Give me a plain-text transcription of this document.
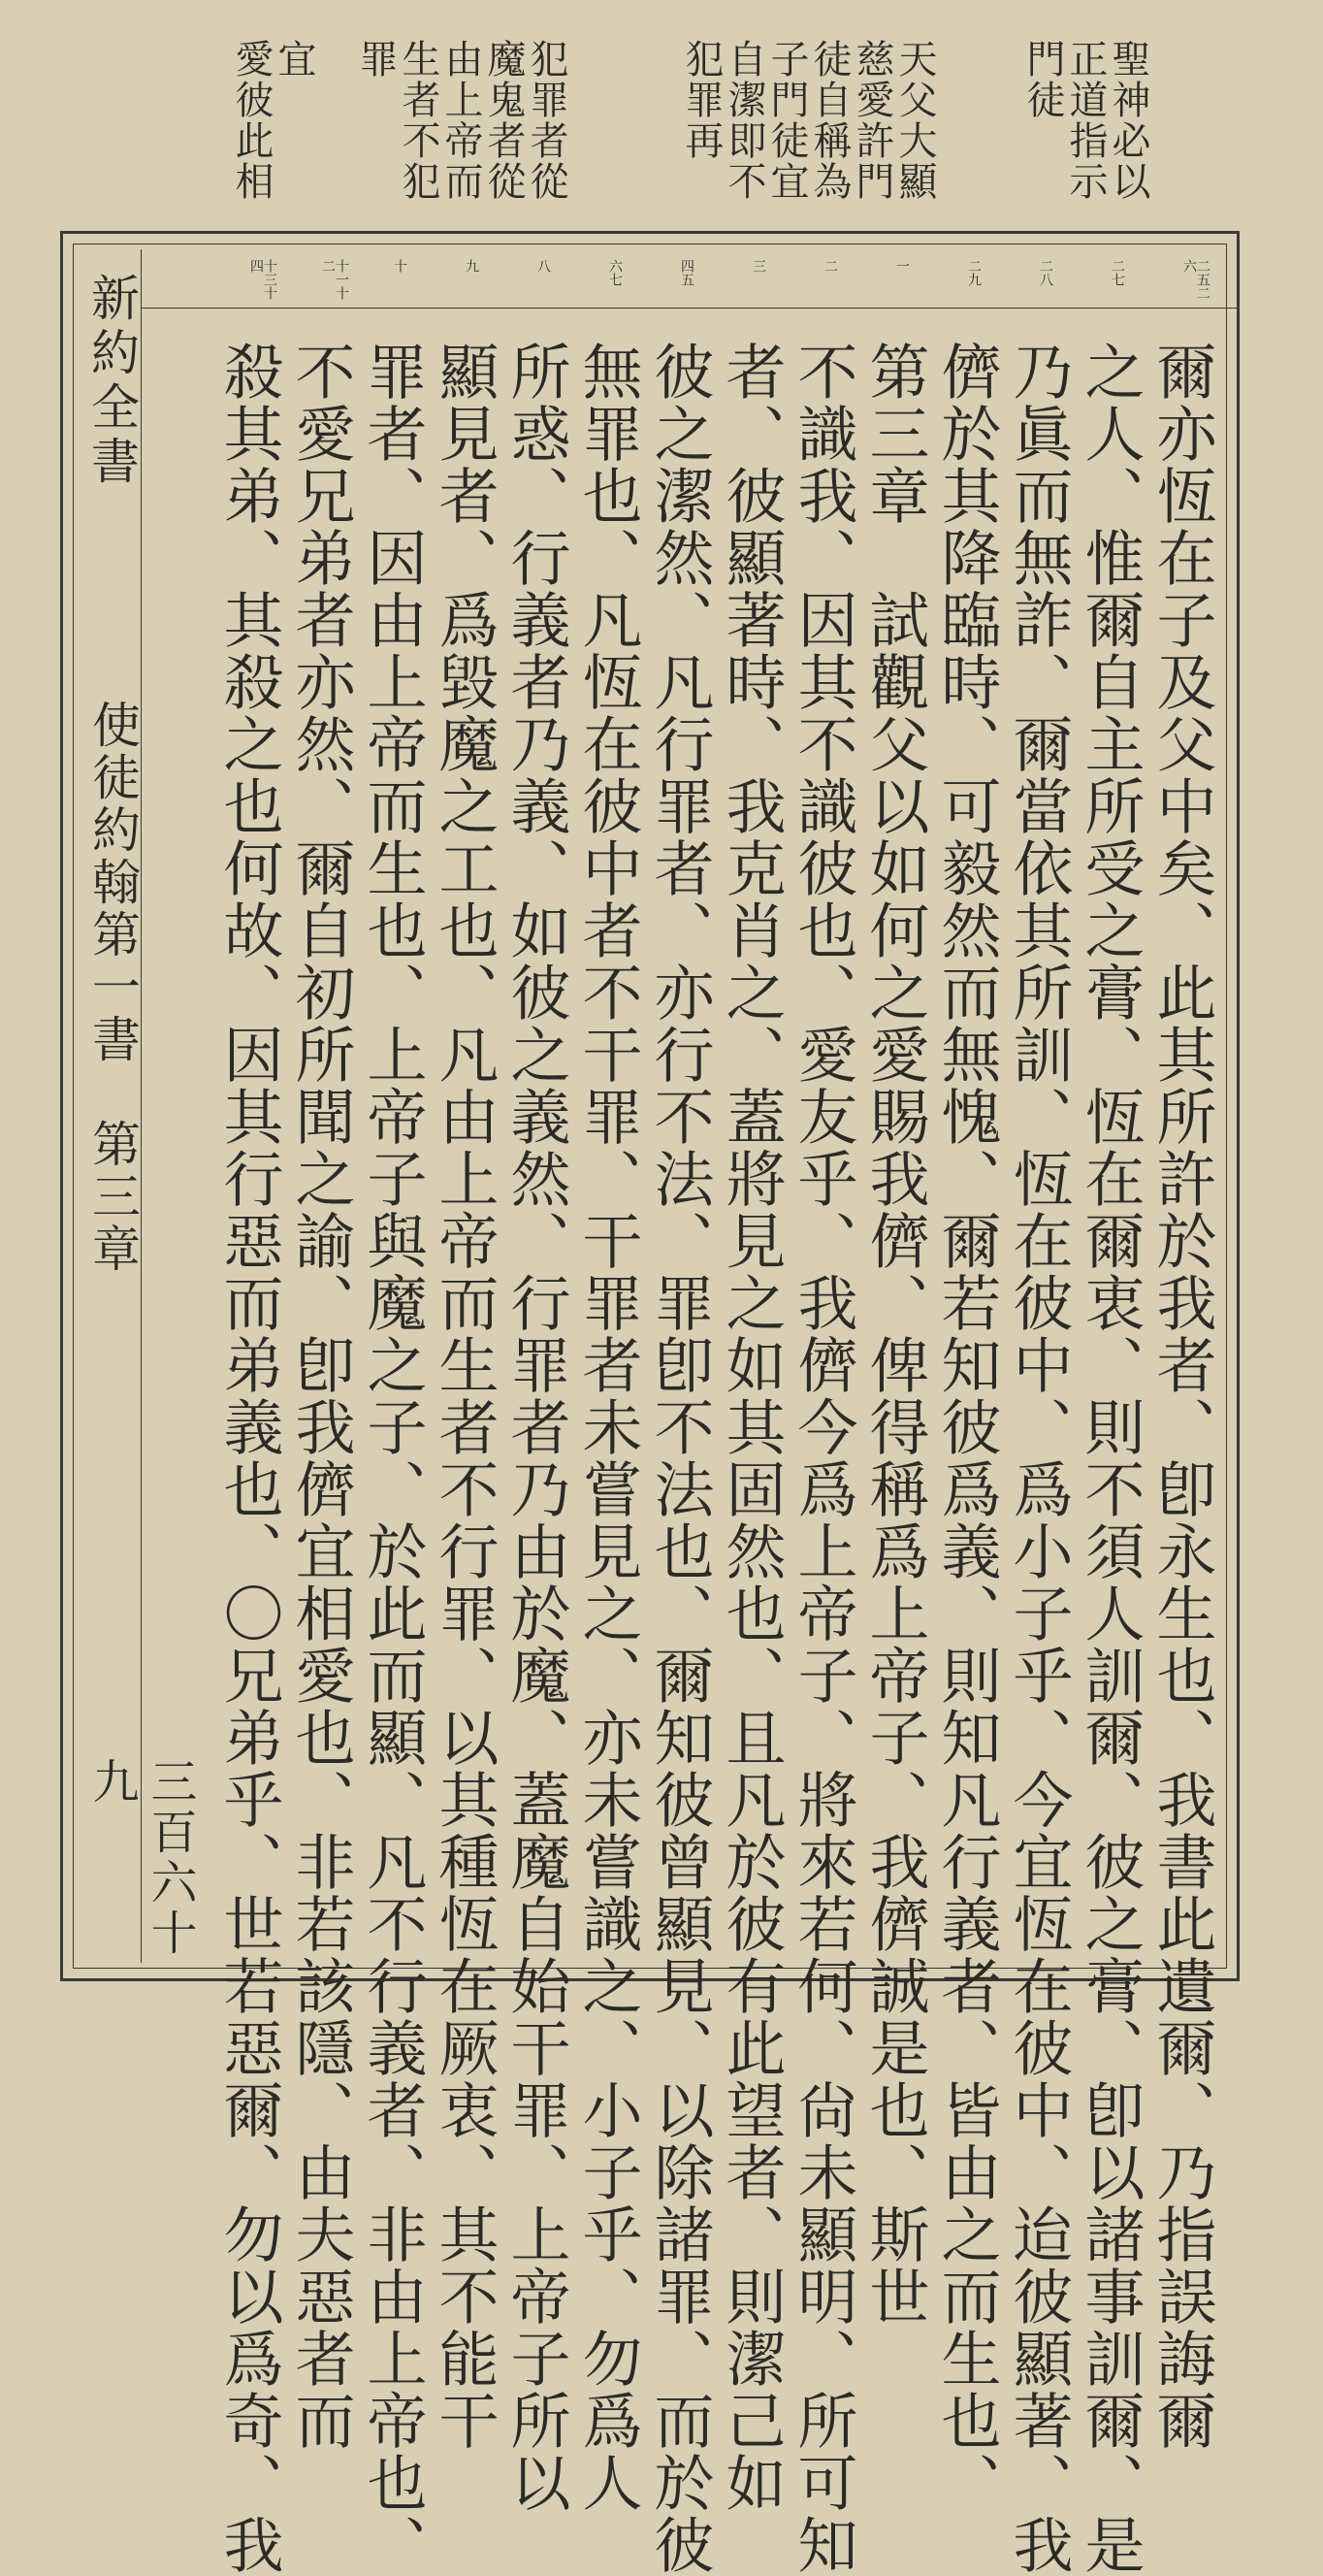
聖神必以
正道指示
門徒
天父大顯
慈愛許門
徒自稱為
子門徒宜
自潔即不
犯罪再
犯罪者從
魔鬼者從
由上帝而
生者不犯
罪
宜
愛彼此相
二五二六
二七
二八
二九
一
二
三
四五
六七
八
九
十
十一十二
十三十四
新約全書
使徒約翰第一書　第三章
三百六十九	爾亦恆在子及父中矣、此其所許於我者、卽永生也、我書此遺爾、乃指誤誨爾
之人、惟爾自主所受之膏、恆在爾衷、則不須人訓爾、彼之膏、卽以諸事訓爾、是
乃眞而無詐、爾當依其所訓、恆在彼中、爲小子乎、今宜恆在彼中、迨彼顯著、我
儕於其降臨時、可毅然而無愧、爾若知彼爲義、則知凡行義者、皆由之而生也、
第三章　試觀父以如何之愛賜我儕、俾得稱爲上帝子、我儕誠是也、斯世
不識我、因其不識彼也、愛友乎、我儕今爲上帝子、將來若何、尙未顯明、所可知
者、彼顯著時、我克肖之、蓋將見之如其固然也、且凡於彼有此望者、則潔己如
彼之潔然、凡行罪者、亦行不法、罪卽不法也、爾知彼曾顯見、以除諸罪、而於彼
無罪也、凡恆在彼中者不干罪、干罪者未嘗見之、亦未嘗識之、小子乎、勿爲人
所惑、行義者乃義、如彼之義然、行罪者乃由於魔、蓋魔自始干罪、上帝子所以
顯見者、爲毀魔之工也、凡由上帝而生者不行罪、以其種恆在厥衷、其不能干
罪者、因由上帝而生也、上帝子與魔之子、於此而顯、凡不行義者、非由上帝也、
不愛兄弟者亦然、爾自初所聞之諭、卽我儕宜相愛也、非若該隱、由夫惡者而
殺其弟、其殺之也何故、因其行惡而弟義也、〇兄弟乎、世若惡爾、勿以爲奇、我
